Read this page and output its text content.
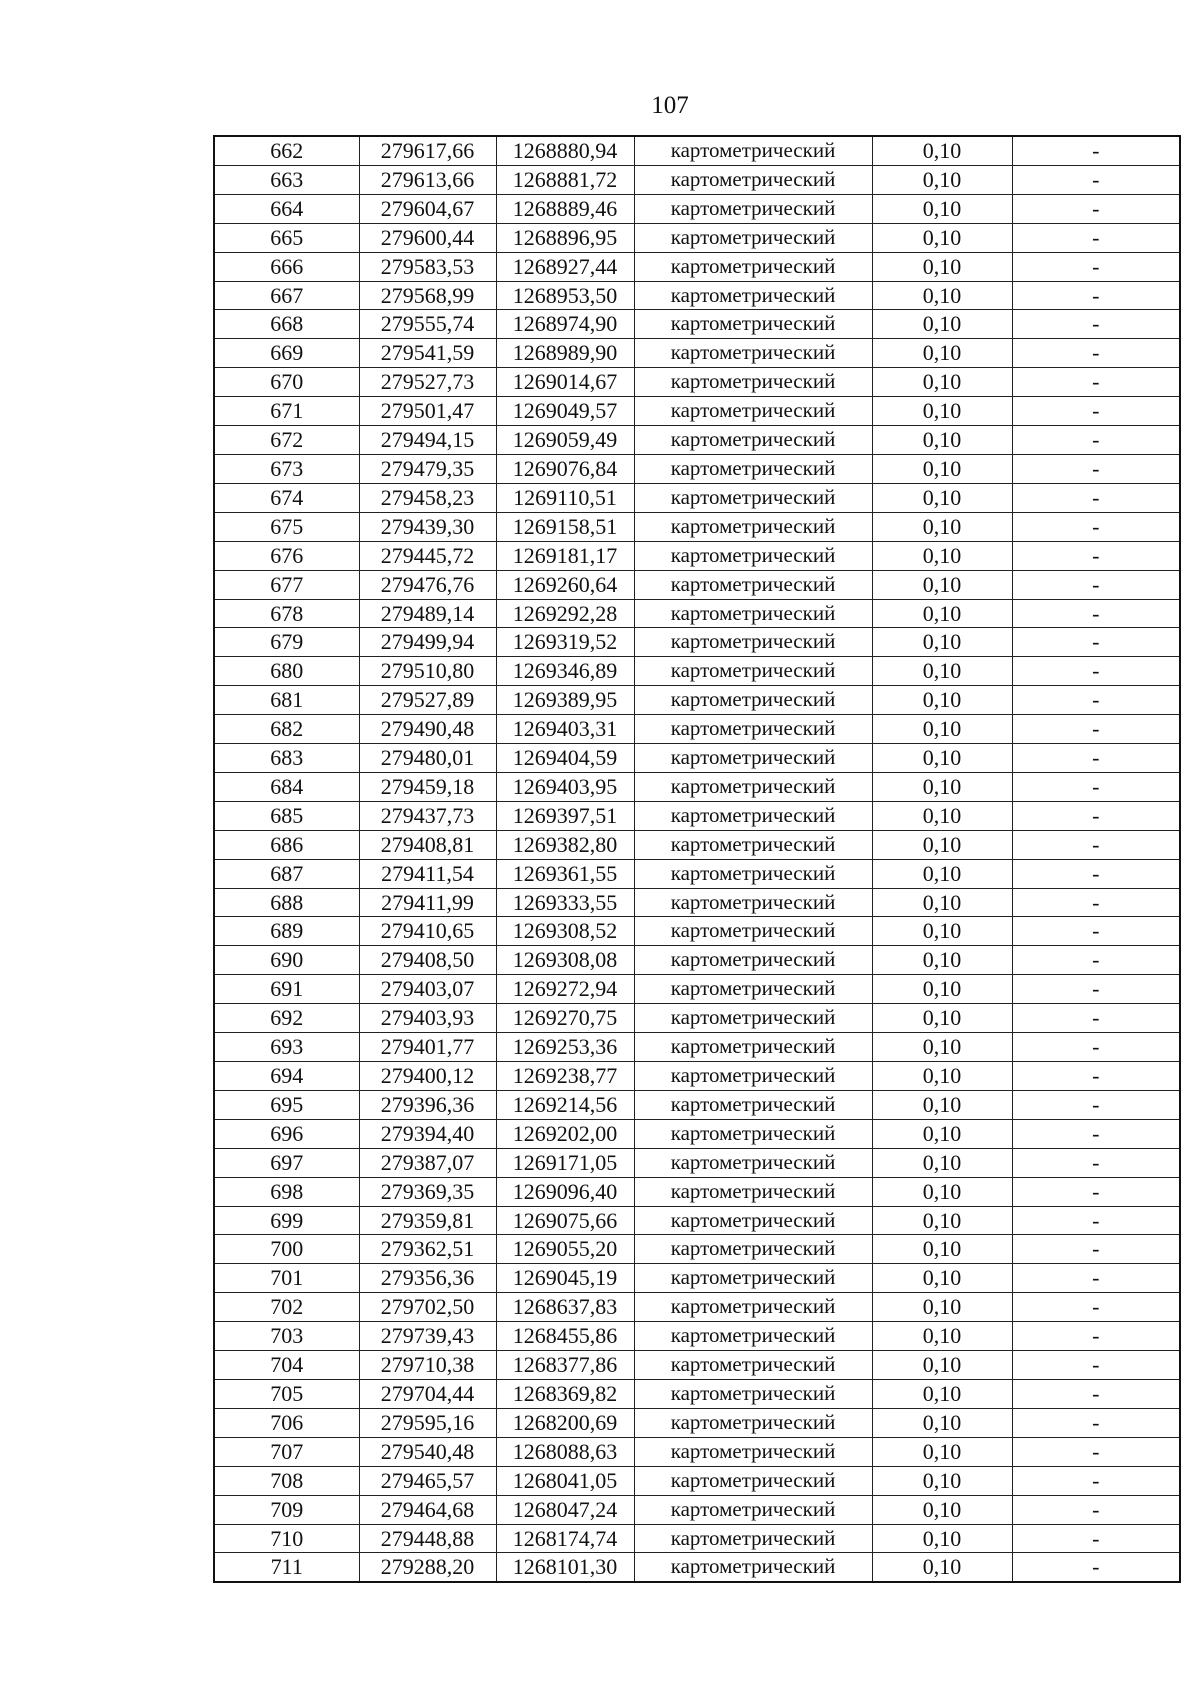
107
662	279617,66	1268880,94	картометрический	0,10	-
663	279613,66	1268881,72	картометрический	0,10	-
664	279604,67	1268889,46	картометрический	0,10	-
665	279600,44	1268896,95	картометрический	0,10	-
666	279583,53	1268927,44	картометрический	0,10	-
667	279568,99	1268953,50	картометрический	0,10	-
668	279555,74	1268974,90	картометрический	0,10	-
669	279541,59	1268989,90	картометрический	0,10	-
670	279527,73	1269014,67	картометрический	0,10	-
671	279501,47	1269049,57	картометрический	0,10	-
672	279494,15	1269059,49	картометрический	0,10	-
673	279479,35	1269076,84	картометрический	0,10	-
674	279458,23	1269110,51	картометрический	0,10	-
675	279439,30	1269158,51	картометрический	0,10	-
676	279445,72	1269181,17	картометрический	0,10	-
677	279476,76	1269260,64	картометрический	0,10	-
678	279489,14	1269292,28	картометрический	0,10	-
679	279499,94	1269319,52	картометрический	0,10	-
680	279510,80	1269346,89	картометрический	0,10	-
681	279527,89	1269389,95	картометрический	0,10	-
682	279490,48	1269403,31	картометрический	0,10	-
683	279480,01	1269404,59	картометрический	0,10	-
684	279459,18	1269403,95	картометрический	0,10	-
685	279437,73	1269397,51	картометрический	0,10	-
686	279408,81	1269382,80	картометрический	0,10	-
687	279411,54	1269361,55	картометрический	0,10	-
688	279411,99	1269333,55	картометрический	0,10	-
689	279410,65	1269308,52	картометрический	0,10	-
690	279408,50	1269308,08	картометрический	0,10	-
691	279403,07	1269272,94	картометрический	0,10	-
692	279403,93	1269270,75	картометрический	0,10	-
693	279401,77	1269253,36	картометрический	0,10	-
694	279400,12	1269238,77	картометрический	0,10	-
695	279396,36	1269214,56	картометрический	0,10	-
696	279394,40	1269202,00	картометрический	0,10	-
697	279387,07	1269171,05	картометрический	0,10	-
698	279369,35	1269096,40	картометрический	0,10	-
699	279359,81	1269075,66	картометрический	0,10	-
700	279362,51	1269055,20	картометрический	0,10	-
701	279356,36	1269045,19	картометрический	0,10	-
702	279702,50	1268637,83	картометрический	0,10	-
703	279739,43	1268455,86	картометрический	0,10	-
704	279710,38	1268377,86	картометрический	0,10	-
705	279704,44	1268369,82	картометрический	0,10	-
706	279595,16	1268200,69	картометрический	0,10	-
707	279540,48	1268088,63	картометрический	0,10	-
708	279465,57	1268041,05	картометрический	0,10	-
709	279464,68	1268047,24	картометрический	0,10	-
710	279448,88	1268174,74	картометрический	0,10	-
711	279288,20	1268101,30	картометрический	0,10	-
